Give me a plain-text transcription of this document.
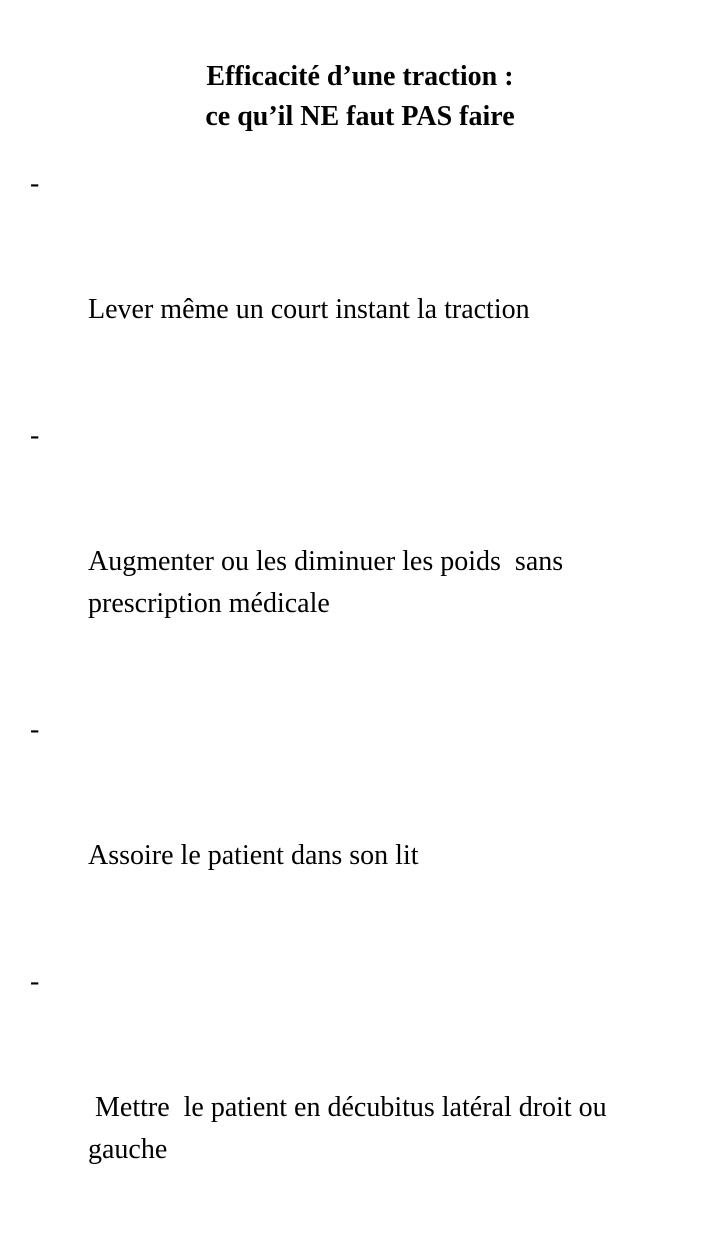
Efficacité d’une traction :
ce qu’il NE faut PAS faire

-

Lever même un court instant la traction

-

Augmenter ou les diminuer les poids  sans prescription médicale

-

Assoire le patient dans son lit

-

Mettre  le patient en décubitus latéral droit ou gauche
